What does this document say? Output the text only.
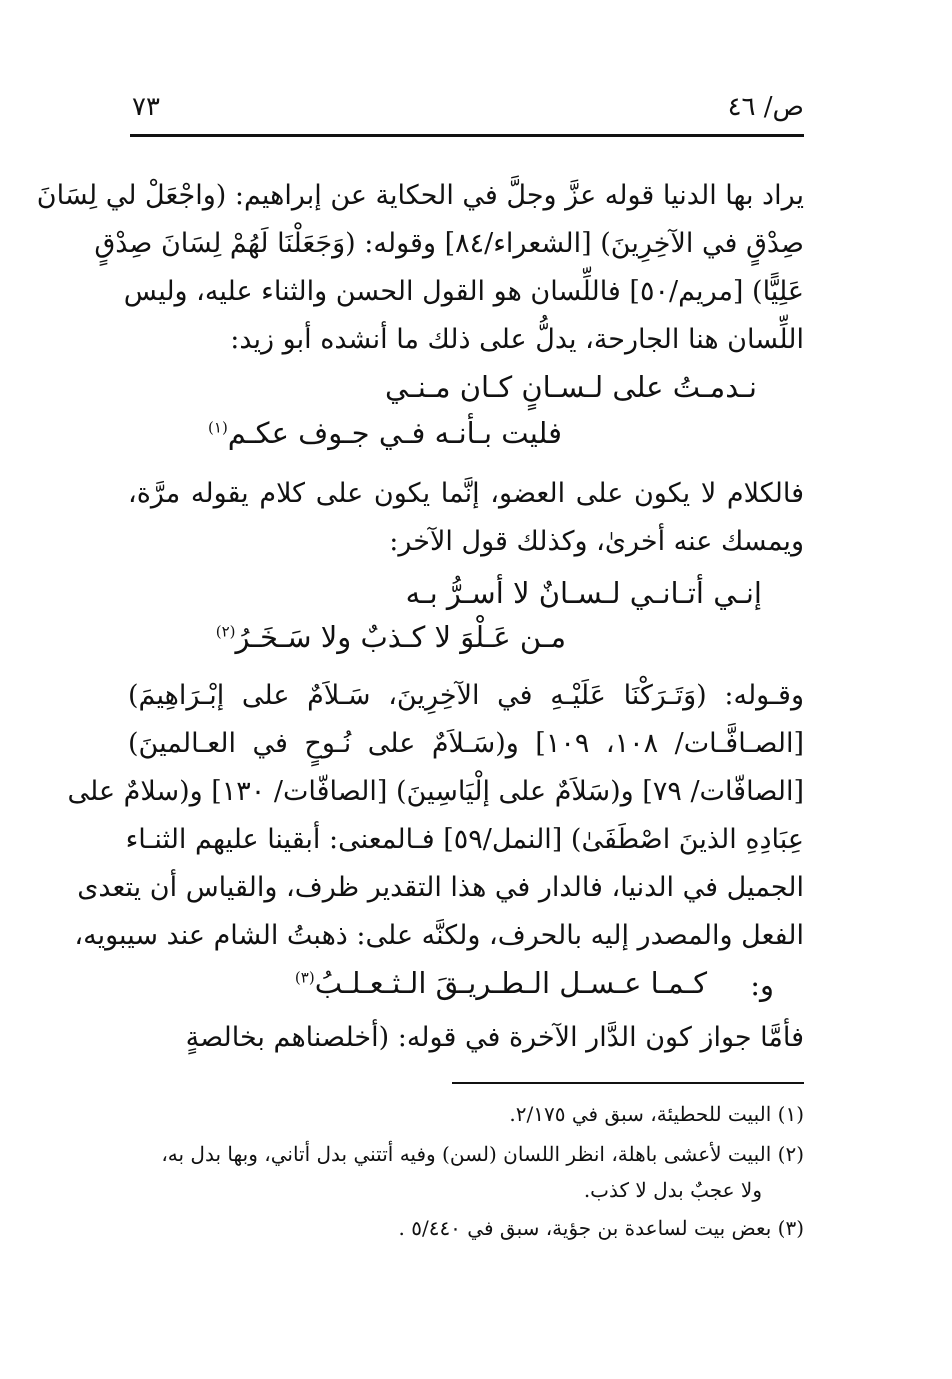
ص/ ٤٦
٧٣
يراد بها الدنيا قوله عزَّ وجلَّ في الحكاية عن إبراهيم: (واجْعَلْ لي لِسَانَ
صِدْقٍ في الآخِرِينَ) [الشعراء/٨٤] وقوله: (وَجَعَلْنَا لَهُمْ لِسَانَ صِدْقٍ
عَلِيًّا) [مريم/٥٠] فاللِّسان هو القول الحسن والثناء عليه، وليس
اللِّسان هنا الجارحة، يدلُّ على ذلك ما أنشده أبو زيد:
نـدمـتُ على لـسـانٍ كـان مـنـي
فليت بـأنـه فـي جـوف عكـم$^{(١)}$
فالكلام لا يكون على العضو، إنَّما يكون على كلام يقوله مرَّة،
ويمسك عنه أخرىٰ، وكذلك قول الآخر:
إنـي أتـانـي لـسـانٌ لا أسـرُّ بـه
مـن عَـلْوَ لا كـذبٌ ولا سَـخَـرُ$^{(٢)}$
وقـوله: (وَتَـرَكْنَا عَلَيْـهِ في الآخِرِينَ، سَـلاَمٌ على إبْـرَاهِيمَ)
[الصـافَّـات/ ١٠٨، ١٠٩] و(سَـلاَمٌ على نُـوحٍ في العـالمينَ)
[الصافّات/ ٧٩] و(سَلاَمٌ على إلْيَاسِينَ) [الصافّات/ ١٣٠] و(سلامٌ على
عِبَادِهِ الذينَ اصْطَفَىٰ) [النمل/٥٩] فـالمعنى: أبقينا عليهم الثنـاء
الجميل في الدنيا، فالدار في هذا التقدير ظرف، والقياس أن يتعدى
الفعل والمصدر إليه بالحرف، ولكنَّه على: ذهبتُ الشام عند سيبويه،
و:
كـمـا عـسـل الـطـريـقَ الـثـعـلـبُ$^{(٣)}$
فأمَّا جواز كون الدَّار الآخرة في قوله: (أخلصناهم بخالصةٍ
(١) البيت للحطيئة، سبق في ٢/١٧٥.
(٢) البيت لأعشى باهلة، انظر اللسان (لسن) وفيه أتتني بدل أتاني، وبها بدل به،
ولا عجبٌ بدل لا كذب.
(٣) بعض بيت لساعدة بن جؤية، سبق في ٥/٤٤٠ .
